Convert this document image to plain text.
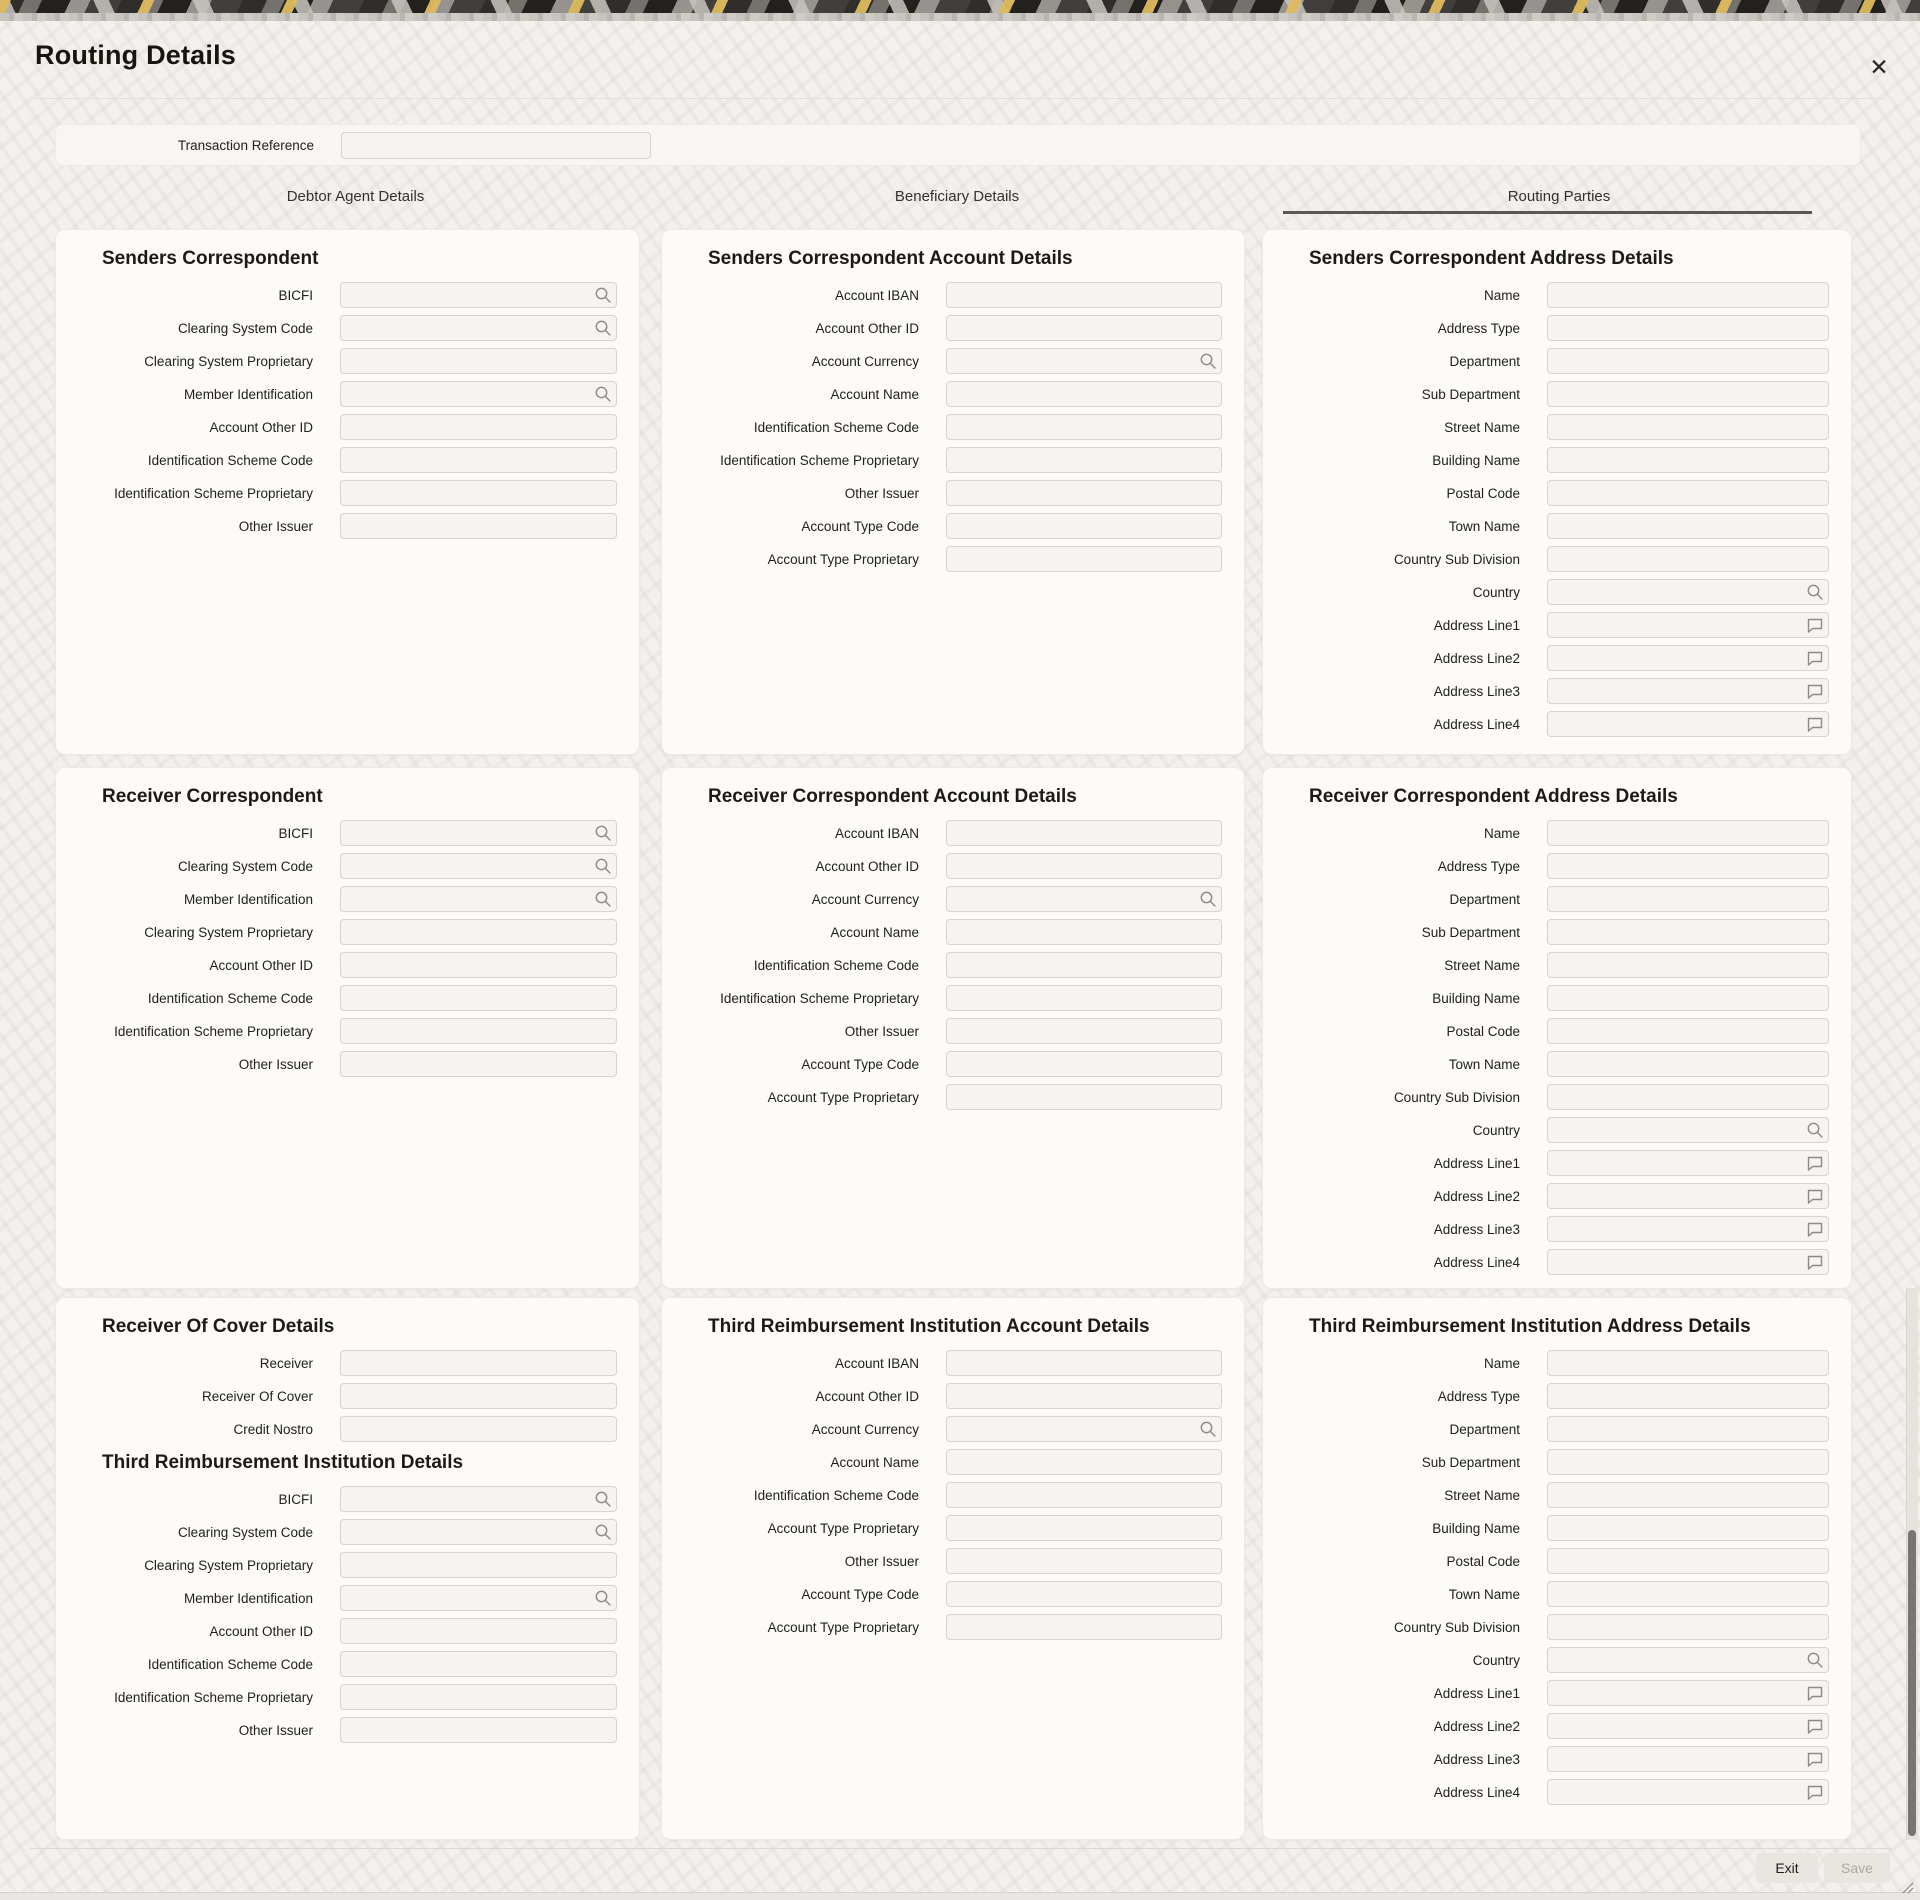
Routing Details	✕
Transaction Reference
Debtor Agent Details	Beneficiary Details	Routing Parties
Senders Correspondent
BICFI
Clearing System Code
Clearing System Proprietary
Member Identification
Account Other ID
Identification Scheme Code
Identification Scheme Proprietary
Other Issuer
Senders Correspondent Account Details
Account IBAN
Account Other ID
Account Currency
Account Name
Identification Scheme Code
Identification Scheme Proprietary
Other Issuer
Account Type Code
Account Type Proprietary
Senders Correspondent Address Details
Name
Address Type
Department
Sub Department
Street Name
Building Name
Postal Code
Town Name
Country Sub Division
Country
Address Line1
Address Line2
Address Line3
Address Line4
Receiver Correspondent
BICFI
Clearing System Code
Member Identification
Clearing System Proprietary
Account Other ID
Identification Scheme Code
Identification Scheme Proprietary
Other Issuer
Receiver Correspondent Account Details
Account IBAN
Account Other ID
Account Currency
Account Name
Identification Scheme Code
Identification Scheme Proprietary
Other Issuer
Account Type Code
Account Type Proprietary
Receiver Correspondent Address Details
Name
Address Type
Department
Sub Department
Street Name
Building Name
Postal Code
Town Name
Country Sub Division
Country
Address Line1
Address Line2
Address Line3
Address Line4
Receiver Of Cover Details
Receiver
Receiver Of Cover
Credit Nostro
Third Reimbursement Institution Details
BICFI
Clearing System Code
Clearing System Proprietary
Member Identification
Account Other ID
Identification Scheme Code
Identification Scheme Proprietary
Other Issuer
Third Reimbursement Institution Account Details
Account IBAN
Account Other ID
Account Currency
Account Name
Identification Scheme Code
Account Type Proprietary
Other Issuer
Account Type Code
Account Type Proprietary
Third Reimbursement Institution Address Details
Name
Address Type
Department
Sub Department
Street Name
Building Name
Postal Code
Town Name
Country Sub Division
Country
Address Line1
Address Line2
Address Line3
Address Line4
Exit	Save
